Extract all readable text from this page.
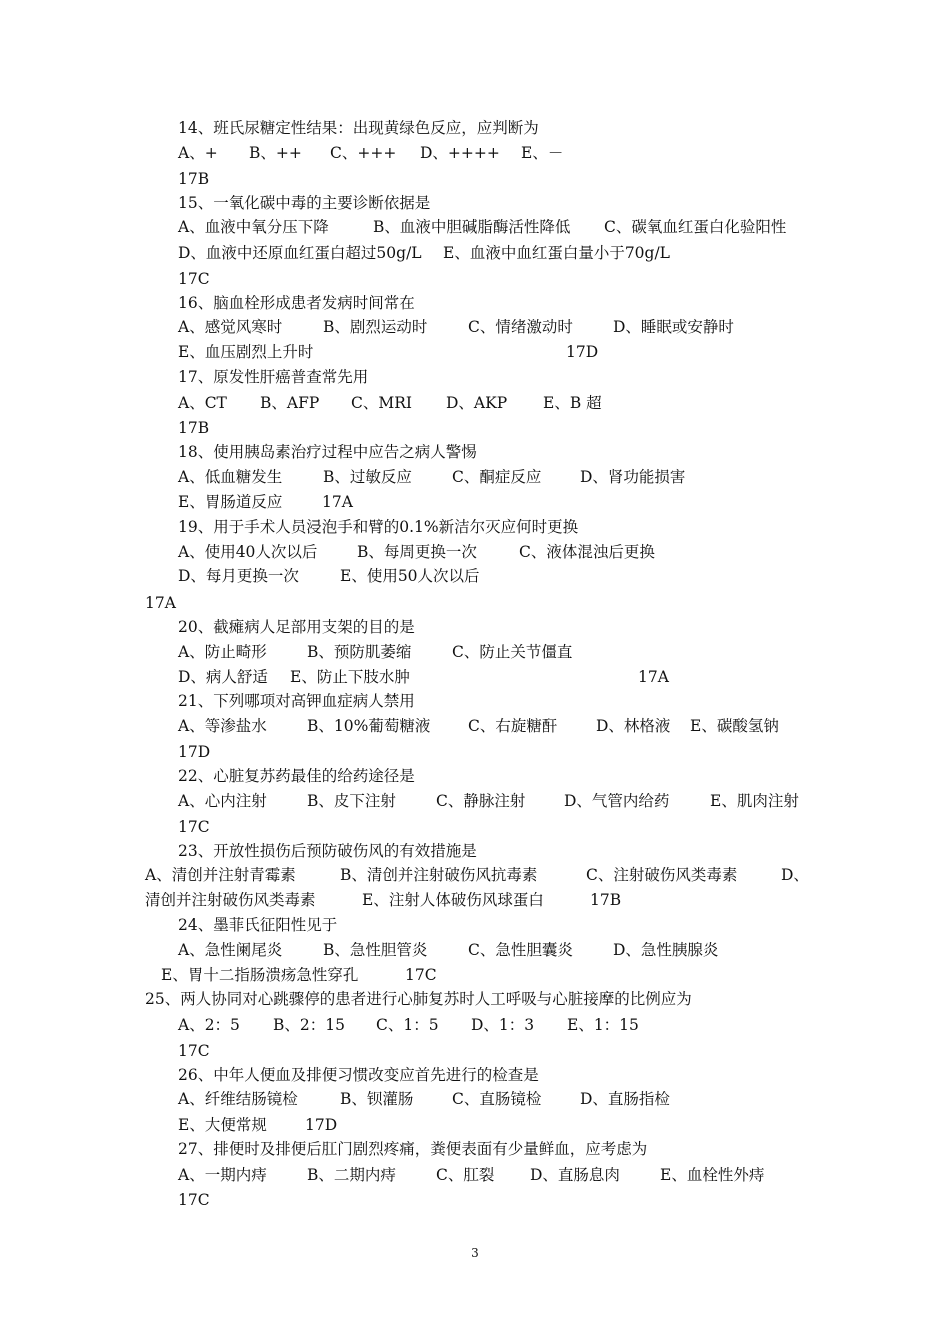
14、班氏尿糖定性结果：出现黄绿色反应，应判断为

A、+

B、++

C、+++

D、++++

E、－

17B
15、一氧化碳中毒的主要诊断依据是

A、血液中氧分压下降

	B、血液中胆碱脂酶活性降低

C、碳氧血红蛋白化验阳性

D、血液中还原血红蛋白超过50g/L

E、血液中血红蛋白量小于70g/L

17C
16、脑血栓形成患者发病时间常在

A、感觉风寒时

	B、剧烈运动时

	C、情绪激动时

	D、睡眠或安静时

E、血压剧烈上升时

	17D

17、原发性肝癌普查常先用

A、CT

B、AFP

C、MRI

D、AKP

E、B 超

17B
18、使用胰岛素治疗过程中应告之病人警惕

A、低血糖发生

	B、过敏反应

	C、酮症反应

D、肾功能损害

E、胃肠道反应

	17A

19、用于手术人员浸泡手和臂的0.1%新洁尔灭应何时更换

A、使用40人次以后

	B、每周更换一次

	C、液体混浊后更换

D、每月更换一次

	E、使用50人次以后

17A
20、截瘫病人足部用支架的目的是

A、防止畸形

	B、预防肌萎缩

	C、防止关节僵直

D、病人舒适

E、防止下肢水肿

	17A

21、下列哪项对高钾血症病人禁用

A、等渗盐水

	B、10%葡萄糖液

C、右旋糖酐

D、林格液

E、碳酸氢钠

17D
22、心脏复苏药最佳的给药途径是

A、心内注射

	B、皮下注射

	C、静脉注射

D、气管内给药

	E、肌肉注射

17C
23、开放性损伤后预防破伤风的有效措施是

A、清创并注射青霉素

	B、清创并注射破伤风抗毒素

	C、注射破伤风类毒素

	D、

清创并注射破伤风类毒素

	E、注射人体破伤风球蛋白

	17B

24、墨菲氏征阳性见于

A、急性阑尾炎

	B、急性胆管炎

	C、急性胆囊炎

	D、急性胰腺炎

E、胃十二指肠溃疡急性穿孔

	17C

25、两人协同对心跳骤停的患者进行心肺复苏时人工呼吸与心脏接摩的比例应为

A、2：5

B、2：15

C、1：5

D、1：3

E、1：15

17C
26、中年人便血及排便习惯改变应首先进行的检查是

A、纤维结肠镜检

	B、钡灌肠

C、直肠镜检

D、直肠指检

E、大便常规

17D

27、排便时及排便后肛门剧烈疼痛，粪便表面有少量鲜血，应考虑为

A、一期内痔

	B、二期内痔

	C、肛裂

D、直肠息肉

	E、血栓性外痔

17C
3
